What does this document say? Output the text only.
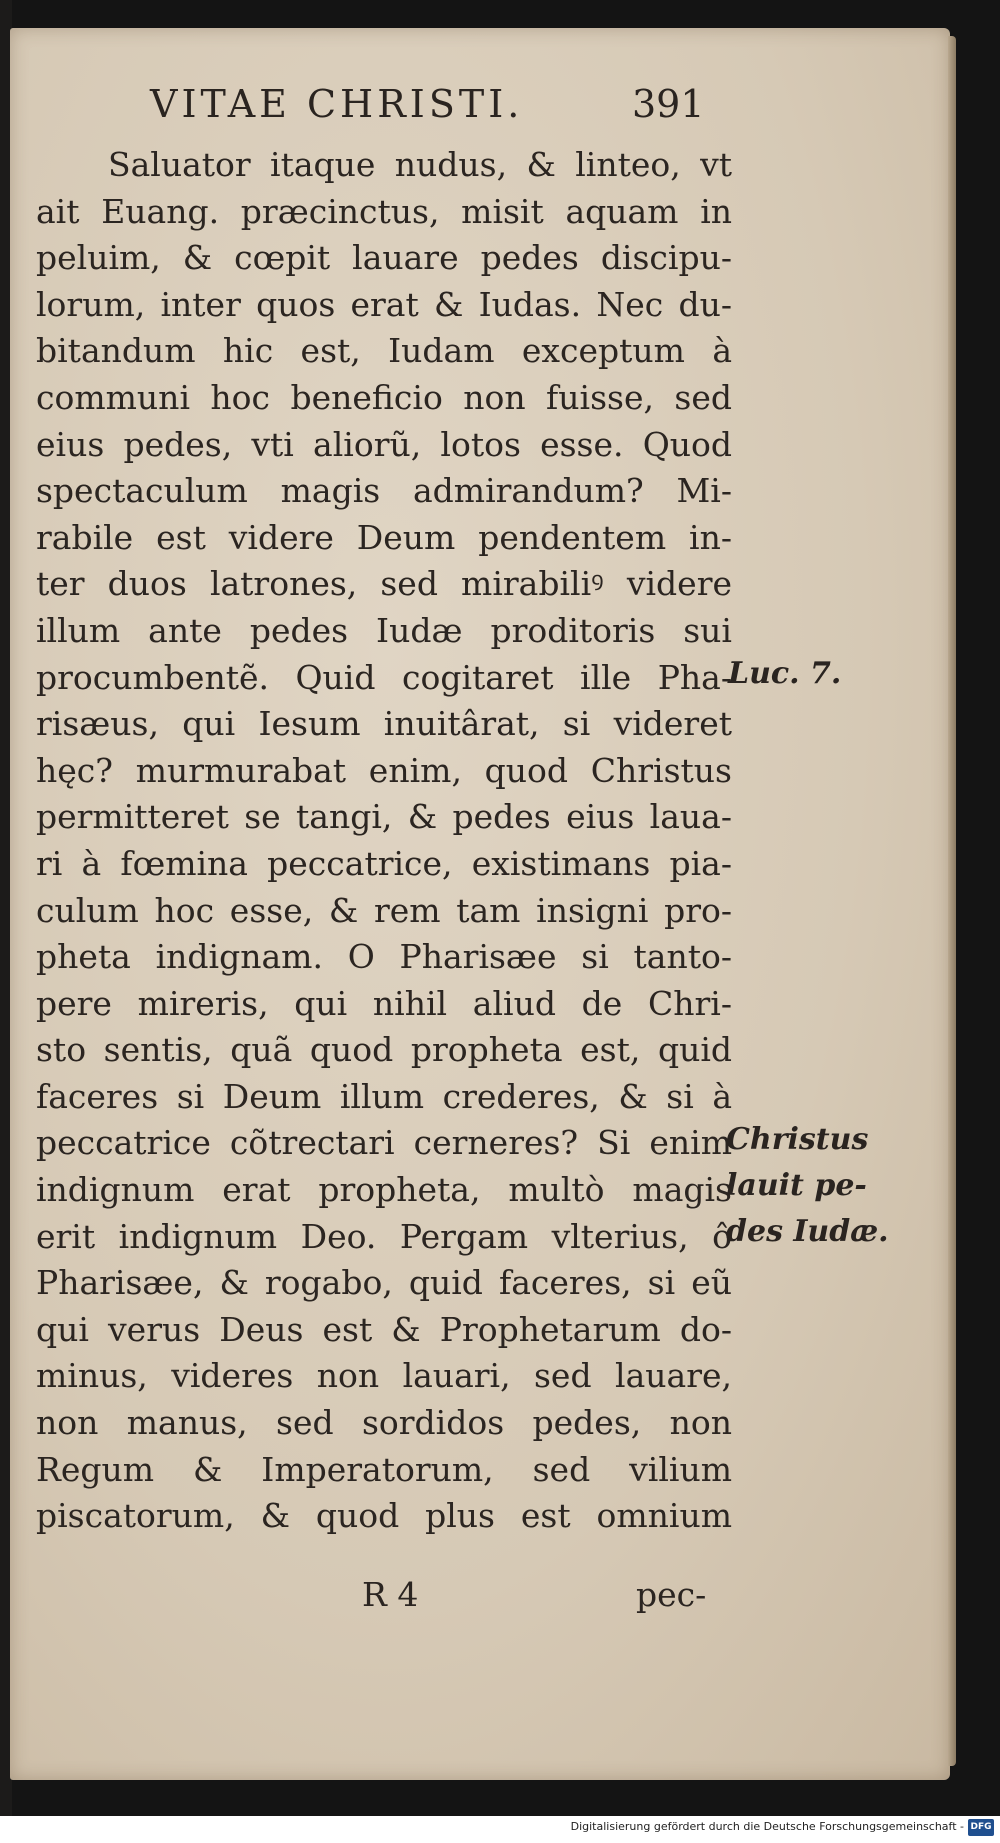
VITAE CHRISTI.	391
Saluator itaque nudus, & linteo, vt
ait Euang. præcinctus, misit aquam in
peluim, & cœpit lauare pedes discipu-
lorum, inter quos erat & Iudas. Nec du-
bitandum hic est, Iudam exceptum à
communi hoc beneficio non fuisse, sed
eius pedes, vti aliorũ, lotos esse. Quod
spectaculum magis admirandum? Mi-
rabile est videre Deum pendentem in-
ter duos latrones, sed mirabiliꝰ videre
illum ante pedes Iudæ proditoris sui
procumbentẽ. Quid cogitaret ille Pha-
risæus, qui Iesum inuitârat, si videret
hęc? murmurabat enim, quod Christus
permitteret se tangi, & pedes eius laua-
ri à fœmina peccatrice, existimans pia-
culum hoc esse, & rem tam insigni pro-
pheta indignam. O Pharisæe si tanto-
pere mireris, qui nihil aliud de Chri-
sto sentis, quã quod propheta est, quid
faceres si Deum illum crederes, & si à
peccatrice cõtrectari cerneres? Si enim
indignum erat propheta, multò magis
erit indignum Deo. Pergam vlterius, ô
Pharisæe, & rogabo, quid faceres, si eũ
qui verus Deus est & Prophetarum do-
minus, videres non lauari, sed lauare,
non manus, sed sordidos pedes, non
Regum & Imperatorum, sed vilium
piscatorum, & quod plus est omnium
Luc. 7.
Christus
lauit pe-
des Iudæ.
R 4	pec-
Digitalisierung gefördert durch die Deutsche Forschungsgemeinschaft - DFG
